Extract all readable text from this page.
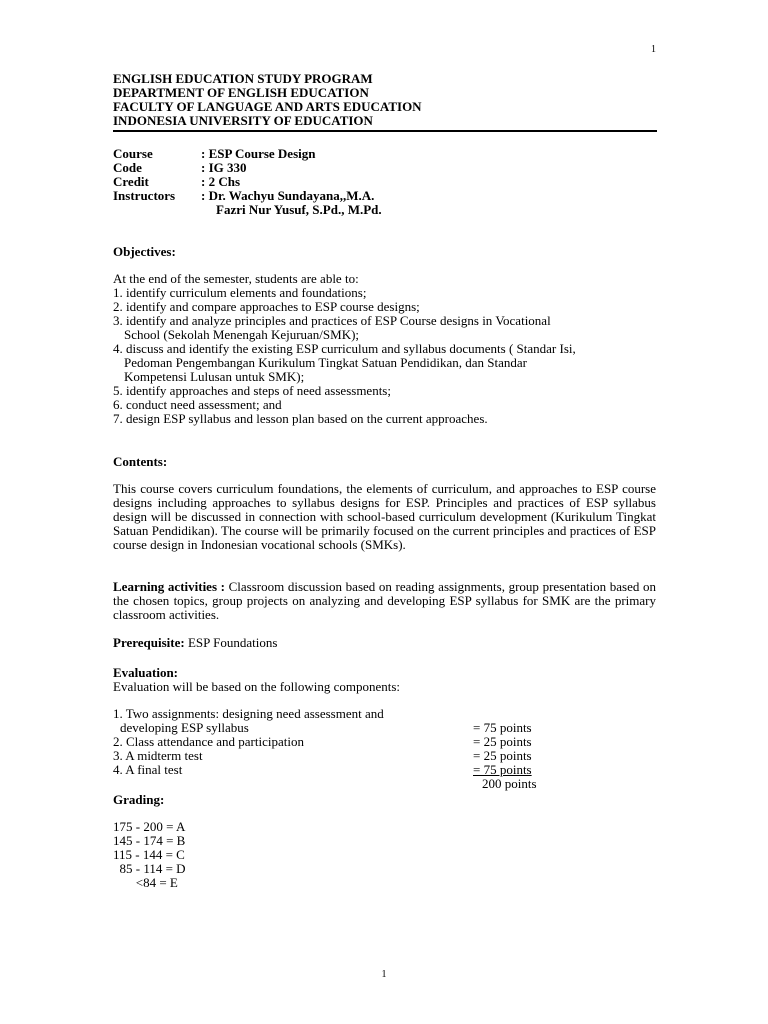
1
ENGLISH EDUCATION STUDY PROGRAM
DEPARTMENT OF ENGLISH EDUCATION
FACULTY OF LANGUAGE AND ARTS EDUCATION
INDONESIA UNIVERSITY OF EDUCATION
Course	: ESP Course Design
Code	: IG 330
Credit	: 2 Chs
Instructors : Dr. Wachyu Sundayana,,M.A.
Fazri Nur Yusuf, S.Pd., M.Pd.
Objectives:
At the end of the semester, students are able to:
1. identify curriculum elements and foundations;
2. identify and compare approaches to ESP course designs;
3. identify and analyze principles and practices of ESP Course designs in Vocational
School (Sekolah Menengah Kejuruan/SMK);
4. discuss and identify the existing ESP curriculum and syllabus documents ( Standar Isi,
Pedoman Pengembangan Kurikulum Tingkat Satuan Pendidikan, dan Standar
Kompetensi Lulusan untuk SMK);
5. identify approaches and steps of need assessments;
6. conduct need assessment; and
7. design ESP syllabus and lesson plan based on the current approaches.
Contents:
This course covers curriculum foundations, the elements of curriculum, and approaches to ESP course designs including approaches to syllabus designs for ESP. Principles and practices of ESP syllabus design will be discussed in connection with school-based curriculum development (Kurikulum Tingkat Satuan Pendidikan). The course will be primarily focused on the current principles and practices of ESP course design in Indonesian vocational schools (SMKs).
Learning activities : Classroom discussion based on reading assignments, group presentation based on the chosen topics, group projects on analyzing and developing ESP syllabus for SMK are the primary classroom activities.
Prerequisite: ESP Foundations
Evaluation:
Evaluation will be based on the following components:
1. Two assignments: designing need assessment and
developing ESP syllabus	= 75 points
2. Class attendance and participation	= 25 points
3. A midterm test	= 25 points
4. A final test	= 75 points
200 points
Grading:
175 - 200 = A
145 - 174 = B
115 - 144 = C
85 - 114 = D
<84 = E
1
